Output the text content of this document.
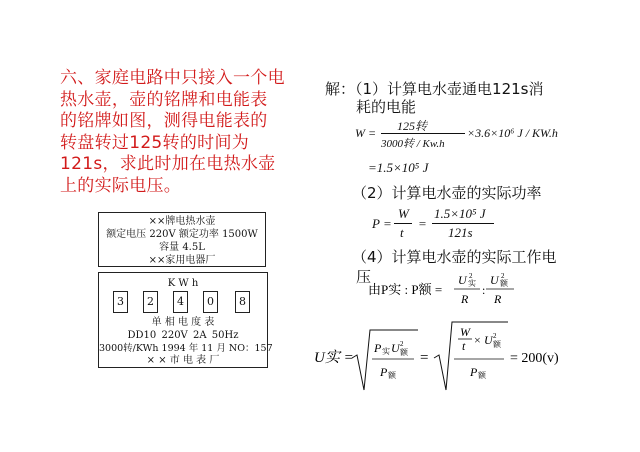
六、家庭电路中只接入一个电
热水壶，壶的铭牌和电能表
的铭牌如图，测得电能表的
转盘转过125转的时间为
121s，求此时加在电热水壶
上的实际电压。
××牌电热水壶
额定电压 220V 额定功率 1500W
容量 4.5L
××家用电器厂
K W h
3	2	4	0	8
单 相 电 度 表
DD10 220V 2A 50Hz
3000转/KWh 1994 年 11 月 NO：157
× × 市 电 表 厂
解：（1）计算电水壶通电121s消
耗的电能
（2）计算电水壶的实际功率
（4）计算电水壶的实际工作电
压
W = 125转
3000转 / Kw.h
×3.6×10⁶ J / KW.h
=1.5×10⁵ J
P =
W
t
=
1.5×10⁵ J
121s
由P实 : P额 =
U 实
2
R
:
U 额
2
R
U实 =
P 实 U 2
额
P 额
=
W
t × U 2
额
P 额
= 200(v)
